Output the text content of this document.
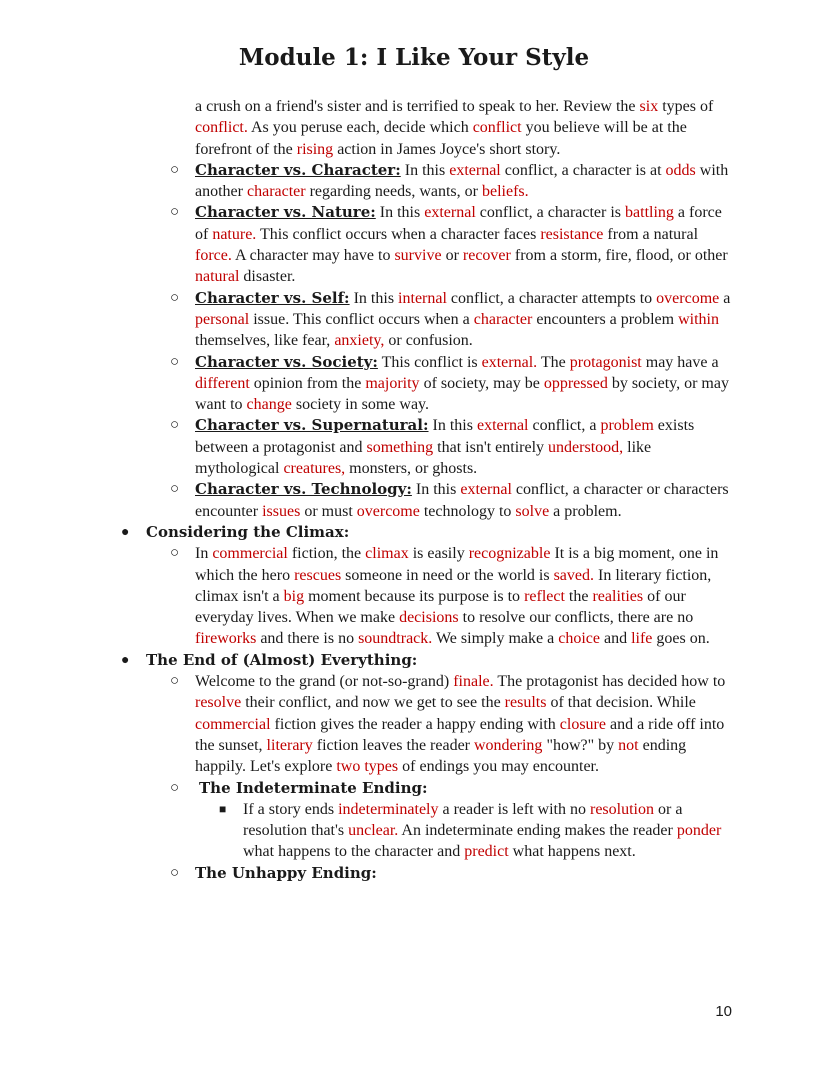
Module 1: I Like Your Style
a crush on a friend's sister and is terrified to speak to her. Review the six types of conflict. As you peruse each, decide which conflict you believe will be at the forefront of the rising action in James Joyce's short story.
○ Character vs. Character: In this external conflict, a character is at odds with another character regarding needs, wants, or beliefs.
○ Character vs. Nature: In this external conflict, a character is battling a force of nature. This conflict occurs when a character faces resistance from a natural force. A character may have to survive or recover from a storm, fire, flood, or other natural disaster.
○ Character vs. Self: In this internal conflict, a character attempts to overcome a personal issue. This conflict occurs when a character encounters a problem within themselves, like fear, anxiety, or confusion.
○ Character vs. Society: This conflict is external. The protagonist may have a different opinion from the majority of society, may be oppressed by society, or may want to change society in some way.
○ Character vs. Supernatural: In this external conflict, a problem exists between a protagonist and something that isn't entirely understood, like mythological creatures, monsters, or ghosts.
○ Character vs. Technology: In this external conflict, a character or characters encounter issues or must overcome technology to solve a problem.
● Considering the Climax:
○ In commercial fiction, the climax is easily recognizable It is a big moment, one in which the hero rescues someone in need or the world is saved. In literary fiction, climax isn't a big moment because its purpose is to reflect the realities of our everyday lives. When we make decisions to resolve our conflicts, there are no fireworks and there is no soundtrack. We simply make a choice and life goes on.
● The End of (Almost) Everything:
○ Welcome to the grand (or not-so-grand) finale. The protagonist has decided how to resolve their conflict, and now we get to see the results of that decision. While commercial fiction gives the reader a happy ending with closure and a ride off into the sunset, literary fiction leaves the reader wondering "how?" by not ending happily. Let's explore two types of endings you may encounter.
○ The Indeterminate Ending:
■ If a story ends indeterminately a reader is left with no resolution or a resolution that's unclear. An indeterminate ending makes the reader ponder what happens to the character and predict what happens next.
○ The Unhappy Ending:
10
